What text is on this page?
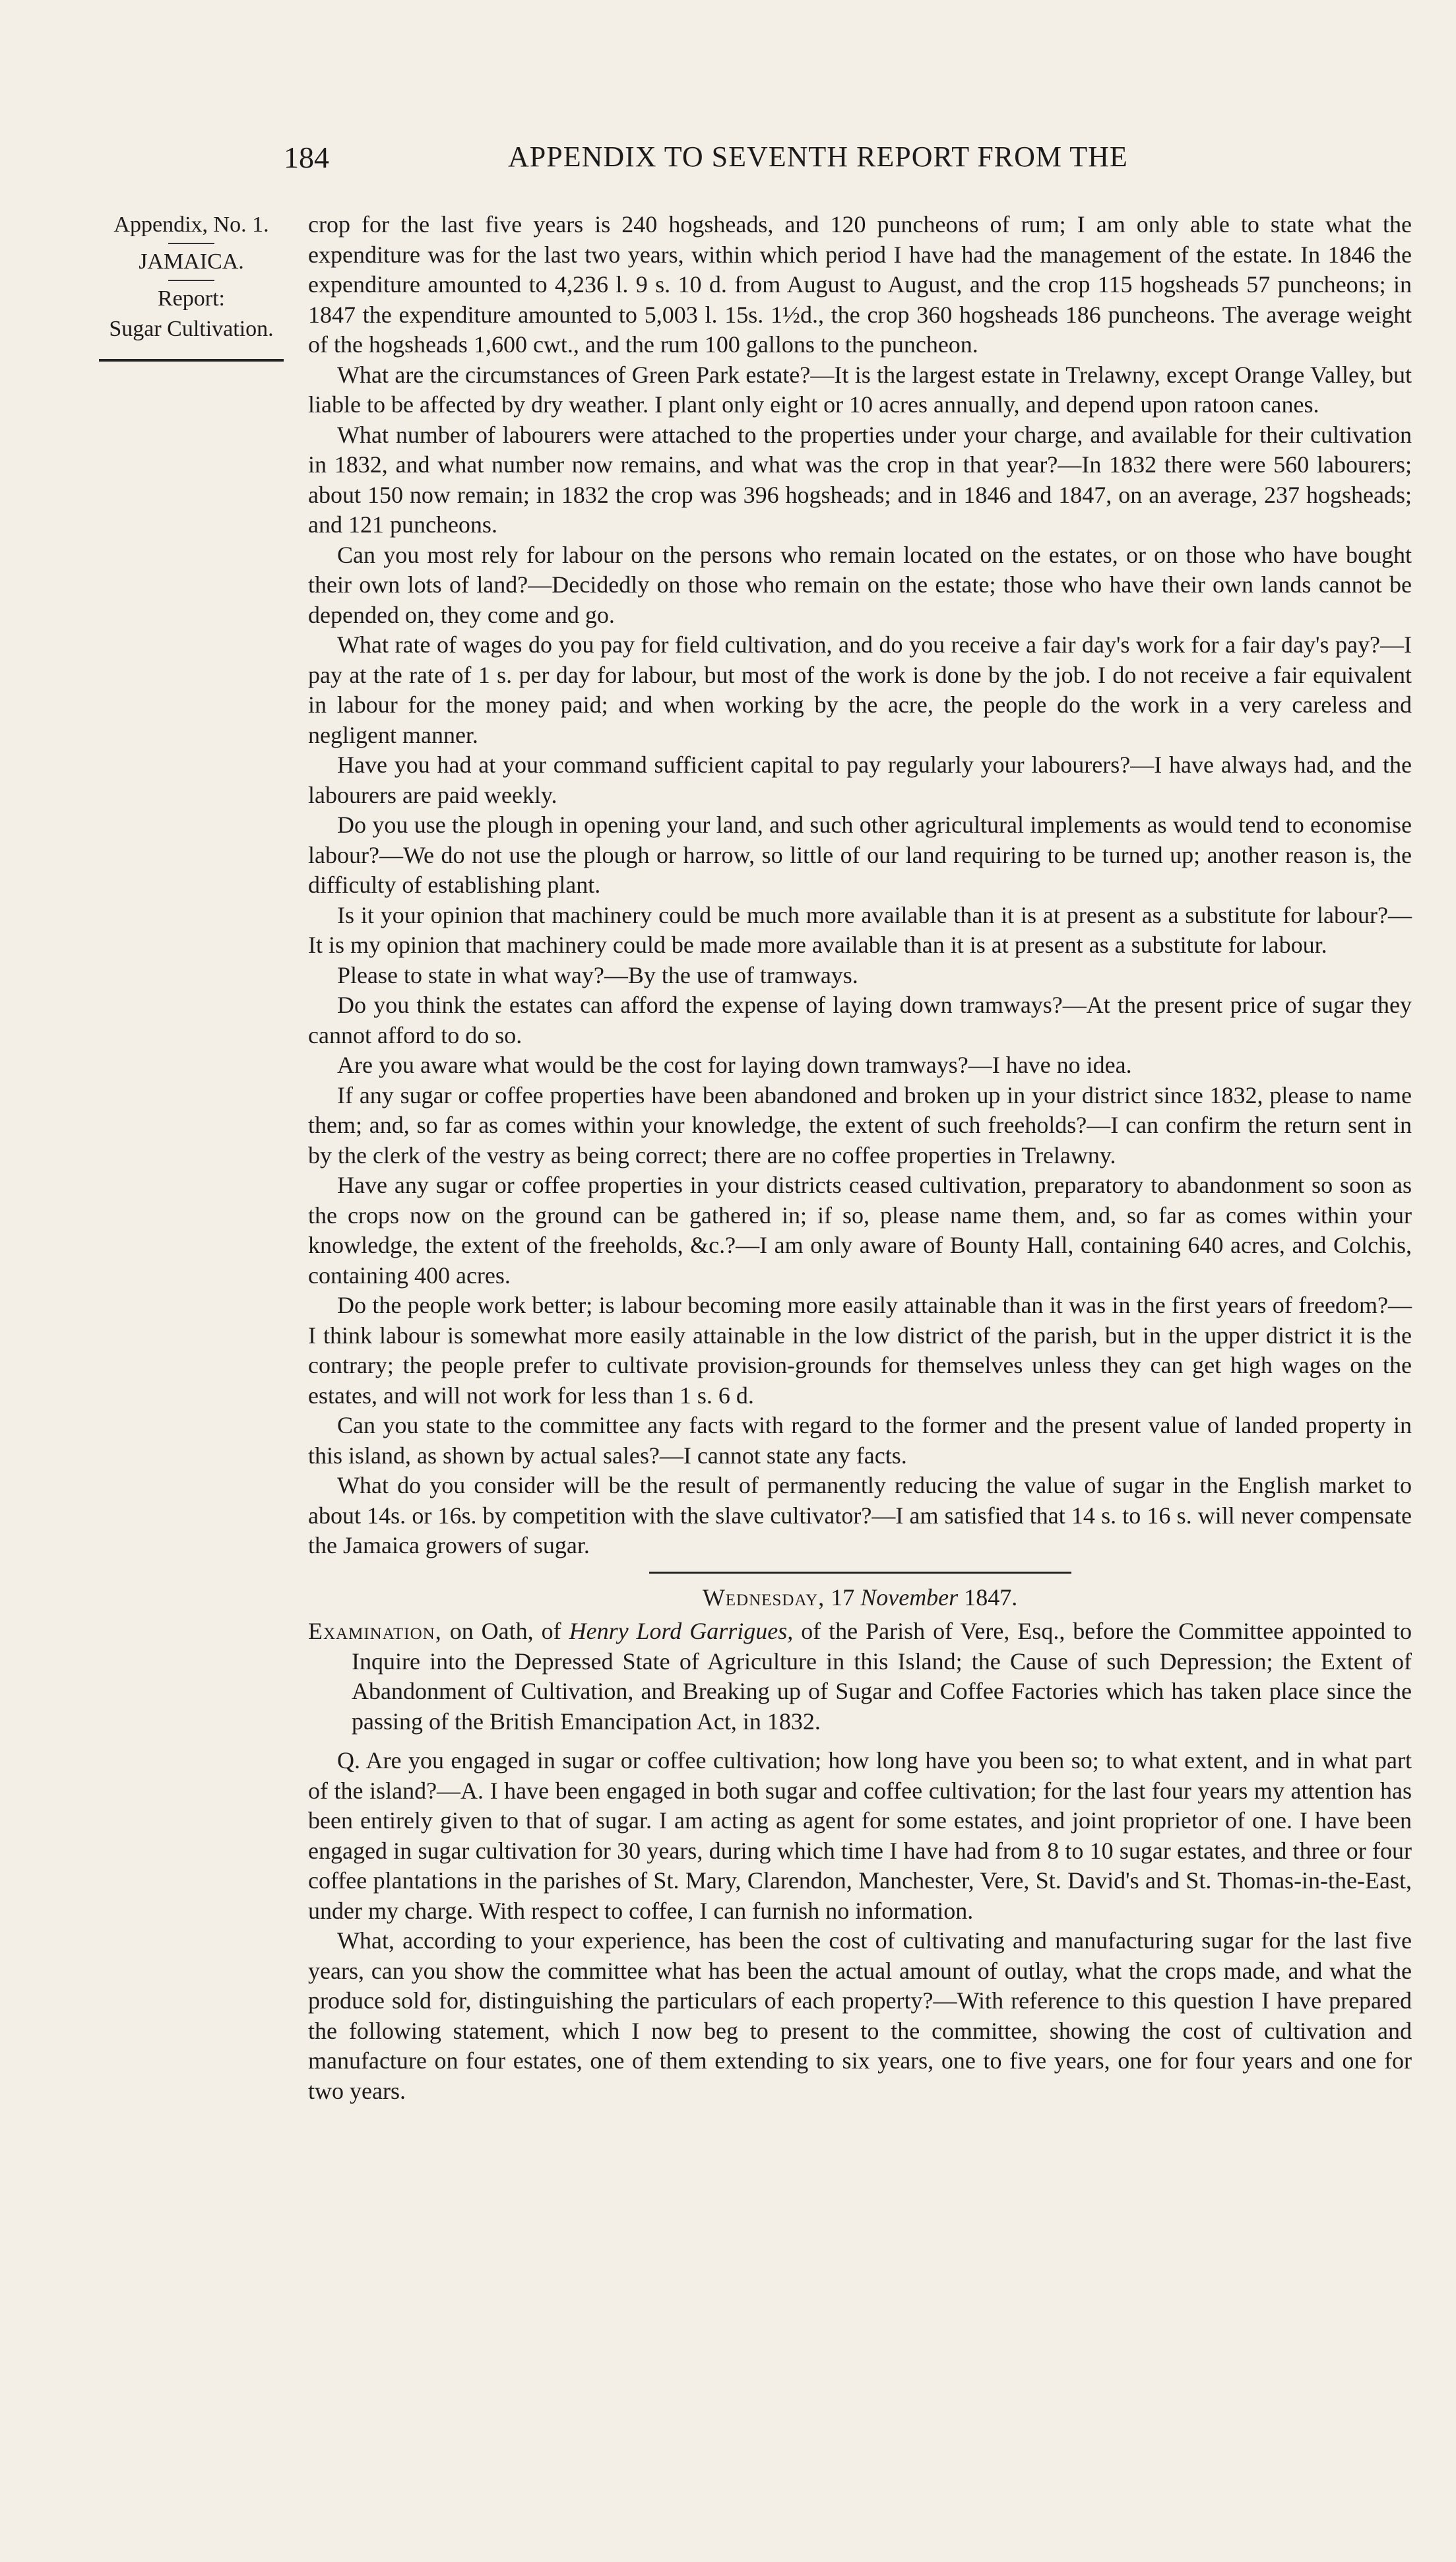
184	APPENDIX TO SEVENTH REPORT FROM THE
Appendix, No. 1.
JAMAICA.
Report:
Sugar Cultivation.

crop for the last five years is 240 hogsheads, and 120 puncheons of rum; I am only able to state what the expenditure was for the last two years, within which period I have had the management of the estate. In 1846 the expenditure amounted to 4,236 l. 9 s. 10 d. from August to August, and the crop 115 hogsheads 57 puncheons; in 1847 the expenditure amounted to 5,003 l. 15s. 1½d., the crop 360 hogsheads 186 puncheons. The average weight of the hogsheads 1,600 cwt., and the rum 100 gallons to the puncheon.

What are the circumstances of Green Park estate?—It is the largest estate in Trelawny, except Orange Valley, but liable to be affected by dry weather. I plant only eight or 10 acres annually, and depend upon ratoon canes.

What number of labourers were attached to the properties under your charge, and available for their cultivation in 1832, and what number now remains, and what was the crop in that year?—In 1832 there were 560 labourers; about 150 now remain; in 1832 the crop was 396 hogsheads; and in 1846 and 1847, on an average, 237 hogsheads; and 121 puncheons.

Can you most rely for labour on the persons who remain located on the estates, or on those who have bought their own lots of land?—Decidedly on those who remain on the estate; those who have their own lands cannot be depended on, they come and go.

What rate of wages do you pay for field cultivation, and do you receive a fair day's work for a fair day's pay?—I pay at the rate of 1 s. per day for labour, but most of the work is done by the job. I do not receive a fair equivalent in labour for the money paid; and when working by the acre, the people do the work in a very careless and negligent manner.

Have you had at your command sufficient capital to pay regularly your labourers?—I have always had, and the labourers are paid weekly.

Do you use the plough in opening your land, and such other agricultural implements as would tend to economise labour?—We do not use the plough or harrow, so little of our land requiring to be turned up; another reason is, the difficulty of establishing plant.

Is it your opinion that machinery could be much more available than it is at present as a substitute for labour?—It is my opinion that machinery could be made more available than it is at present as a substitute for labour.

Please to state in what way?—By the use of tramways.

Do you think the estates can afford the expense of laying down tramways?—At the present price of sugar they cannot afford to do so.

Are you aware what would be the cost for laying down tramways?—I have no idea.

If any sugar or coffee properties have been abandoned and broken up in your district since 1832, please to name them; and, so far as comes within your knowledge, the extent of such freeholds?—I can confirm the return sent in by the clerk of the vestry as being correct; there are no coffee properties in Trelawny.

Have any sugar or coffee properties in your districts ceased cultivation, preparatory to abandonment so soon as the crops now on the ground can be gathered in; if so, please name them, and, so far as comes within your knowledge, the extent of the freeholds, &c.?—I am only aware of Bounty Hall, containing 640 acres, and Colchis, containing 400 acres.

Do the people work better; is labour becoming more easily attainable than it was in the first years of freedom?—I think labour is somewhat more easily attainable in the low district of the parish, but in the upper district it is the contrary; the people prefer to cultivate provision-grounds for themselves unless they can get high wages on the estates, and will not work for less than 1 s. 6 d.

Can you state to the committee any facts with regard to the former and the present value of landed property in this island, as shown by actual sales?—I cannot state any facts.

What do you consider will be the result of permanently reducing the value of sugar in the English market to about 14s. or 16s. by competition with the slave cultivator?—I am satisfied that 14 s. to 16 s. will never compensate the Jamaica growers of sugar.

Wednesday, 17 November 1847.

Examination, on Oath, of Henry Lord Garrigues, of the Parish of Vere, Esq., before the Committee appointed to Inquire into the Depressed State of Agriculture in this Island; the Cause of such Depression; the Extent of Abandonment of Cultivation, and Breaking up of Sugar and Coffee Factories which has taken place since the passing of the British Emancipation Act, in 1832.

Q. Are you engaged in sugar or coffee cultivation; how long have you been so; to what extent, and in what part of the island?—A. I have been engaged in both sugar and coffee cultivation; for the last four years my attention has been entirely given to that of sugar. I am acting as agent for some estates, and joint proprietor of one. I have been engaged in sugar cultivation for 30 years, during which time I have had from 8 to 10 sugar estates, and three or four coffee plantations in the parishes of St. Mary, Clarendon, Manchester, Vere, St. David's and St. Thomas-in-the-East, under my charge. With respect to coffee, I can furnish no information.

What, according to your experience, has been the cost of cultivating and manufacturing sugar for the last five years, can you show the committee what has been the actual amount of outlay, what the crops made, and what the produce sold for, distinguishing the particulars of each property?—With reference to this question I have prepared the following statement, which I now beg to present to the committee, showing the cost of cultivation and manufacture on four estates, one of them extending to six years, one to five years, one for four years and one for two years.
